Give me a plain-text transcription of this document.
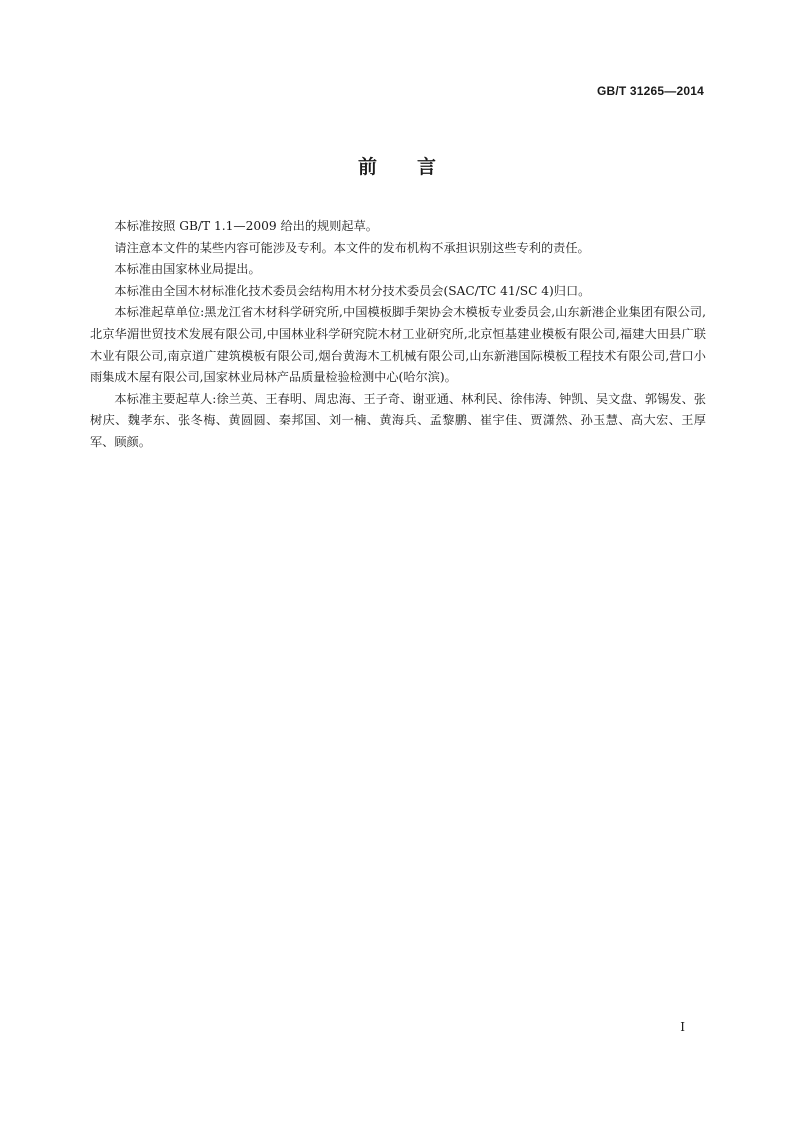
GB/T 31265—2014
前言

本标准按照 GB/T 1.1—2009 给出的规则起草。

请注意本文件的某些内容可能涉及专利。本文件的发布机构不承担识别这些专利的责任。

本标准由国家林业局提出。

本标准由全国木材标准化技术委员会结构用木材分技术委员会(SAC/TC 41/SC 4)归口。

本标准起草单位:黑龙江省木材科学研究所,中国模板脚手架协会木模板专业委员会,山东新港企业集团有限公司,北京华湄世贸技术发展有限公司,中国林业科学研究院木材工业研究所,北京恒基建业模板有限公司,福建大田县广联木业有限公司,南京道广建筑模板有限公司,烟台黄海木工机械有限公司,山东新港国际模板工程技术有限公司,营口小雨集成木屋有限公司,国家林业局林产品质量检验检测中心(哈尔滨)。

本标准主要起草人:徐兰英、王春明、周忠海、王子奇、谢亚通、林利民、徐伟涛、钟凯、吴文盘、郭锡发、张树庆、魏孝东、张冬梅、黄圆圆、秦邦国、刘一楠、黄海兵、孟黎鹏、崔宇佳、贾潇然、孙玉慧、高大宏、王厚军、顾颜。

I
